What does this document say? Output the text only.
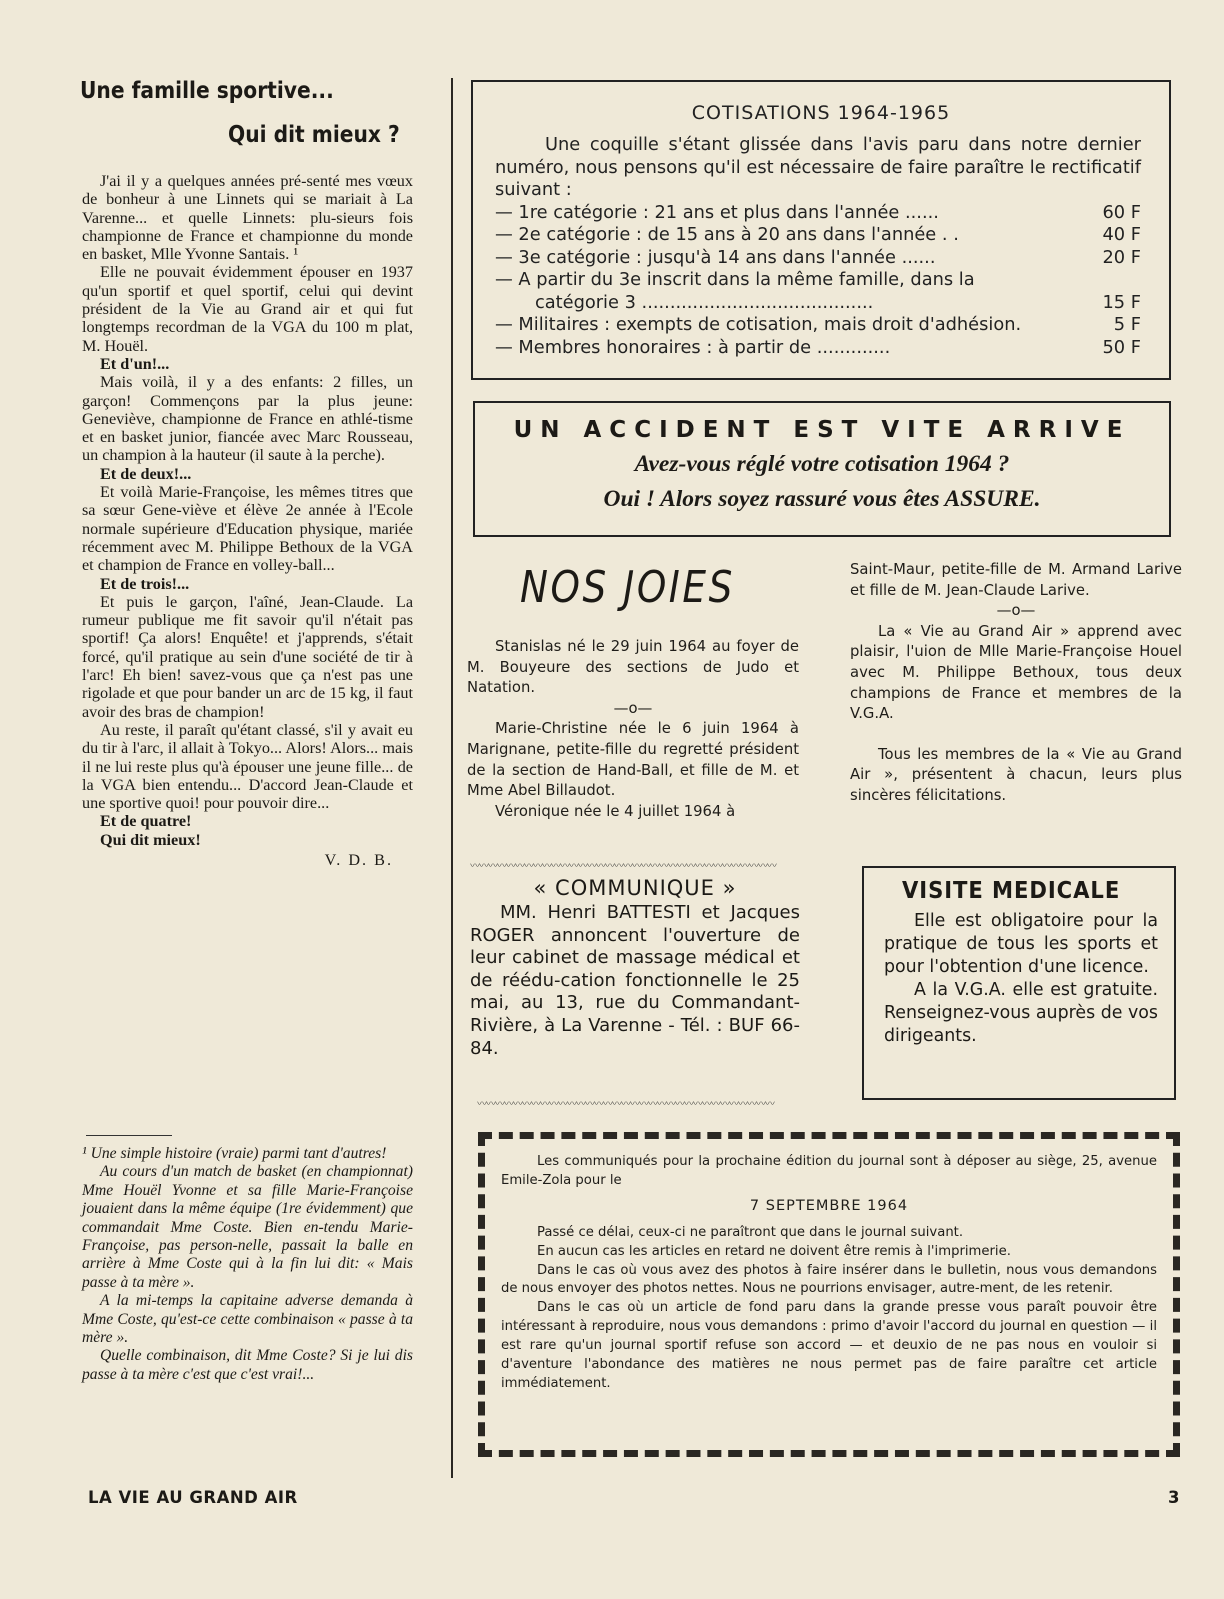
Une famille sportive...
Qui dit mieux ?

J'ai il y a quelques années pré-senté mes vœux de bonheur à une Linnets qui se mariait à La Varenne... et quelle Linnets: plu-sieurs fois championne de France et championne du monde en basket, Mlle Yvonne Santais. ¹

Elle ne pouvait évidemment épouser en 1937 qu'un sportif et quel sportif, celui qui devint président de la Vie au Grand air et qui fut longtemps recordman de la VGA du 100 m plat, M. Houël.

Et d'un!...

Mais voilà, il y a des enfants: 2 filles, un garçon! Commençons par la plus jeune: Geneviève, championne de France en athlé-tisme et en basket junior, fiancée avec Marc Rousseau, un champion à la hauteur (il saute à la perche).

Et de deux!...

Et voilà Marie-Françoise, les mêmes titres que sa sœur Gene-viève et élève 2e année à l'Ecole normale supérieure d'Education physique, mariée récemment avec M. Philippe Bethoux de la VGA et champion de France en volley-ball...

Et de trois!...

Et puis le garçon, l'aîné, Jean-Claude. La rumeur publique me fit savoir qu'il n'était pas sportif! Ça alors! Enquête! et j'apprends, s'était forcé, qu'il pratique au sein d'une société de tir à l'arc! Eh bien! savez-vous que ça n'est pas une rigolade et que pour bander un arc de 15 kg, il faut avoir des bras de champion!

Au reste, il paraît qu'étant classé, s'il y avait eu du tir à l'arc, il allait à Tokyo... Alors! Alors... mais il ne lui reste plus qu'à épouser une jeune fille... de la VGA bien entendu... D'accord Jean-Claude et une sportive quoi! pour pouvoir dire...

Et de quatre!

Qui dit mieux!

V. D. B.

¹ Une simple histoire (vraie) parmi tant d'autres!

Au cours d'un match de basket (en championnat) Mme Houël Yvonne et sa fille Marie-Françoise jouaient dans la même équipe (1re évidemment) que commandait Mme Coste. Bien en-tendu Marie-Françoise, pas person-nelle, passait la balle en arrière à Mme Coste qui à la fin lui dit: « Mais passe à ta mère ».

A la mi-temps la capitaine adverse demanda à Mme Coste, qu'est-ce cette combinaison « passe à ta mère ».

Quelle combinaison, dit Mme Coste? Si je lui dis passe à ta mère c'est que c'est vrai!...

COTISATIONS 1964-1965
Une coquille s'étant glissée dans l'avis paru dans notre dernier numéro, nous pensons qu'il est nécessaire de faire paraître le rectificatif suivant :
— 1re catégorie : 21 ans et plus dans l'année ......	60 F
— 2e catégorie : de 15 ans à 20 ans dans l'année . .	40 F
— 3e catégorie : jusqu'à 14 ans dans l'année ......	20 F
— A partir du 3e inscrit dans la même famille, dans la
catégorie 3 .........................................	15 F
— Militaires : exempts de cotisation, mais droit d'adhésion.	5 F
— Membres honoraires : à partir de .............	50 F
UN ACCIDENT EST VITE ARRIVE
Avez-vous réglé votre cotisation 1964 ?
Oui ! Alors soyez rassuré vous êtes ASSURE.
NOS JOIES

Stanislas né le 29 juin 1964 au foyer de M. Bouyeure des sections de Judo et Natation.

—o—

Marie-Christine née le 6 juin 1964 à Marignane, petite-fille du regretté président de la section de Hand-Ball, et fille de M. et Mme Abel Billaudot.

Véronique née le 4 juillet 1964 à

Saint-Maur, petite-fille de M. Armand Larive et fille de M. Jean-Claude Larive.

—o—

La « Vie au Grand Air » apprend avec plaisir, l'uion de Mlle Marie-Françoise Houel avec M. Philippe Bethoux, tous deux champions de France et membres de la V.G.A.

Tous les membres de la « Vie au Grand Air », présentent à chacun, leurs plus sincères félicitations.

〰〰〰〰〰〰〰〰〰〰〰〰〰〰〰〰〰〰〰〰〰〰〰〰〰〰〰〰〰〰〰〰〰〰
« COMMUNIQUE »

MM. Henri BATTESTI et Jacques ROGER annoncent l'ouverture de leur cabinet de massage médical et de réédu-cation fonctionnelle le 25 mai, au 13, rue du Commandant-Rivière, à La Varenne - Tél. : BUF 66-84.

〰〰〰〰〰〰〰〰〰〰〰〰〰〰〰〰〰〰〰〰〰〰〰〰〰〰〰〰〰〰〰〰〰
VISITE MEDICALE

Elle est obligatoire pour la pratique de tous les sports et pour l'obtention d'une licence.

A la V.G.A. elle est gratuite. Renseignez-vous auprès de vos dirigeants.

Les communiqués pour la prochaine édition du journal sont à déposer au siège, 25, avenue Emile-Zola pour le

7 SEPTEMBRE 1964

Passé ce délai, ceux-ci ne paraîtront que dans le journal suivant.

En aucun cas les articles en retard ne doivent être remis à l'imprimerie.

Dans le cas où vous avez des photos à faire insérer dans le bulletin, nous vous demandons de nous envoyer des photos nettes. Nous ne pourrions envisager, autre-ment, de les retenir.

Dans le cas où un article de fond paru dans la grande presse vous paraît pouvoir être intéressant à reproduire, nous vous demandons : primo d'avoir l'accord du journal en question — il est rare qu'un journal sportif refuse son accord — et deuxio de ne pas nous en vouloir si d'aventure l'abondance des matières ne nous permet pas de faire paraître cet article immédiatement.

LA VIE AU GRAND AIR	3
